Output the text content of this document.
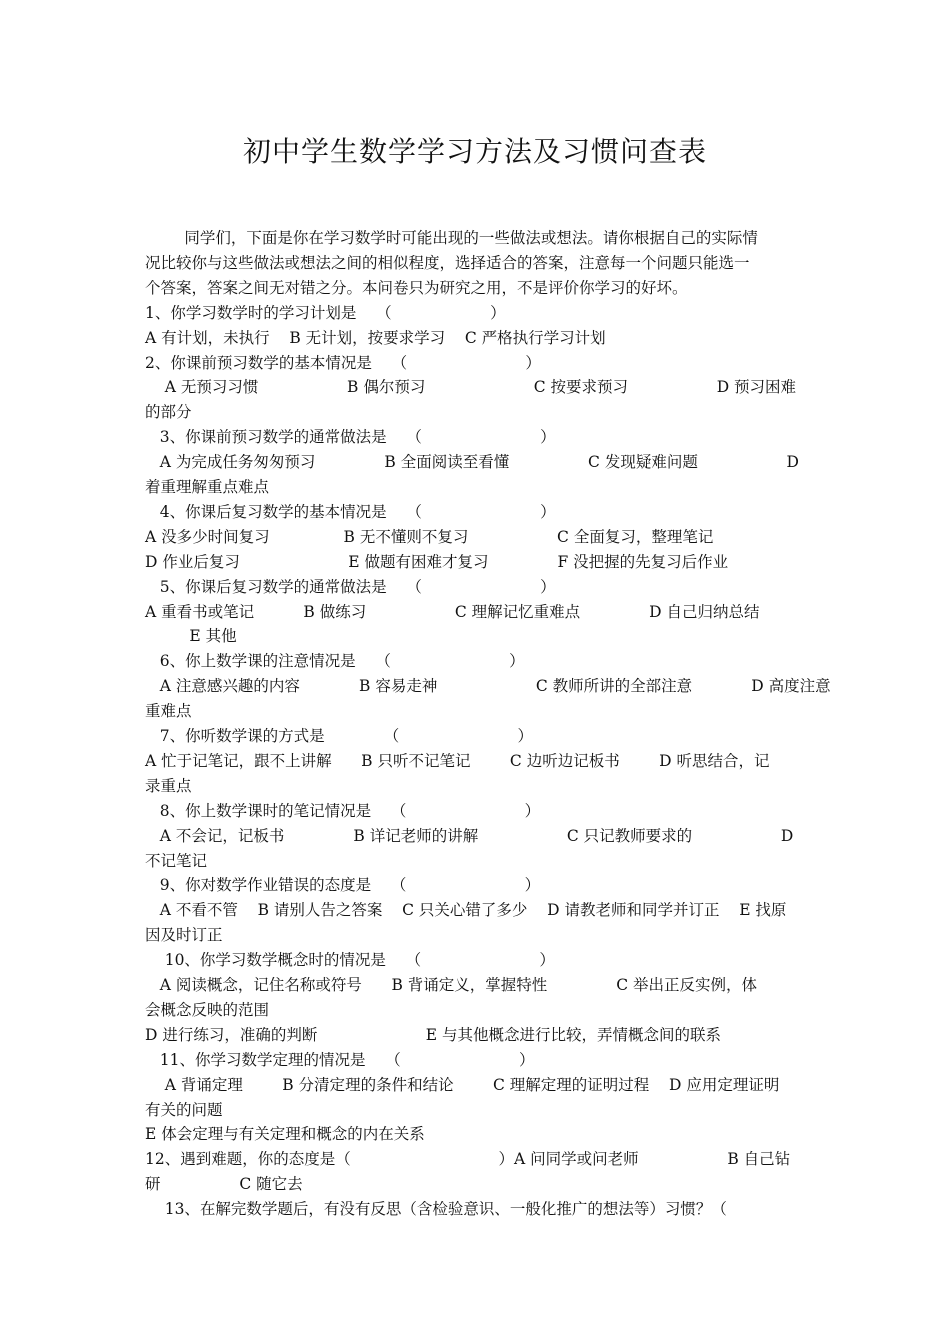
初中学生数学学习方法及习惯问查表
同学们，下面是你在学习数学时可能出现的一些做法或想法。请你根据自己的实际情
况比较你与这些做法或想法之间的相似程度，选择适合的答案，注意每一个问题只能选一
个答案，答案之间无对错之分。本问卷只为研究之用，不是评价你学习的好坏。
1、你学习数学时的学习计划是    （                    ）
A 有计划，未执行    B 无计划，按要求学习    C 严格执行学习计划
2、你课前预习数学的基本情况是    （                        ）
A 无预习习惯                  B 偶尔预习                      C 按要求预习                  D 预习困难
的部分
3、你课前预习数学的通常做法是    （                        ）
A 为完成任务匆匆预习              B 全面阅读至看懂                C 发现疑难问题                  D
着重理解重点难点
4、你课后复习数学的基本情况是    （                        ）
A 没多少时间复习               B 无不懂则不复习                  C 全面复习，整理笔记
D 作业后复习                      E 做题有困难才复习              F 没把握的先复习后作业
5、你课后复习数学的通常做法是    （                        ）
A 重看书或笔记          B 做练习                  C 理解记忆重难点              D 自己归纳总结
E 其他
6、你上数学课的注意情况是    （                        ）
A 注意感兴趣的内容            B 容易走神                    C 教师所讲的全部注意            D 高度注意
重难点
7、你听数学课的方式是            （                        ）
A 忙于记笔记，跟不上讲解      B 只听不记笔记        C 边听边记板书        D 听思结合，记
录重点
8、你上数学课时的笔记情况是    （                        ）
A 不会记，记板书              B 详记老师的讲解                  C 只记教师要求的                  D
不记笔记
9、你对数学作业错误的态度是    （                        ）
A 不看不管    B 请别人告之答案    C 只关心错了多少    D 请教老师和同学并订正    E 找原
因及时订正
10、你学习数学概念时的情况是    （                        ）
A 阅读概念，记住名称或符号      B 背诵定义，掌握特性              C 举出正反实例，体
会概念反映的范围
D 进行练习，准确的判断                      E 与其他概念进行比较，弄情概念间的联系
11、你学习数学定理的情况是    （                        ）
A 背诵定理        B 分清定理的条件和结论        C 理解定理的证明过程    D 应用定理证明
有关的问题
E 体会定理与有关定理和概念的内在关系
12、遇到难题，你的态度是（                              ）A 问同学或问老师                  B 自己钻
研                C 随它去
13、在解完数学题后，有没有反思（含检验意识、一般化推广的想法等）习惯？（
